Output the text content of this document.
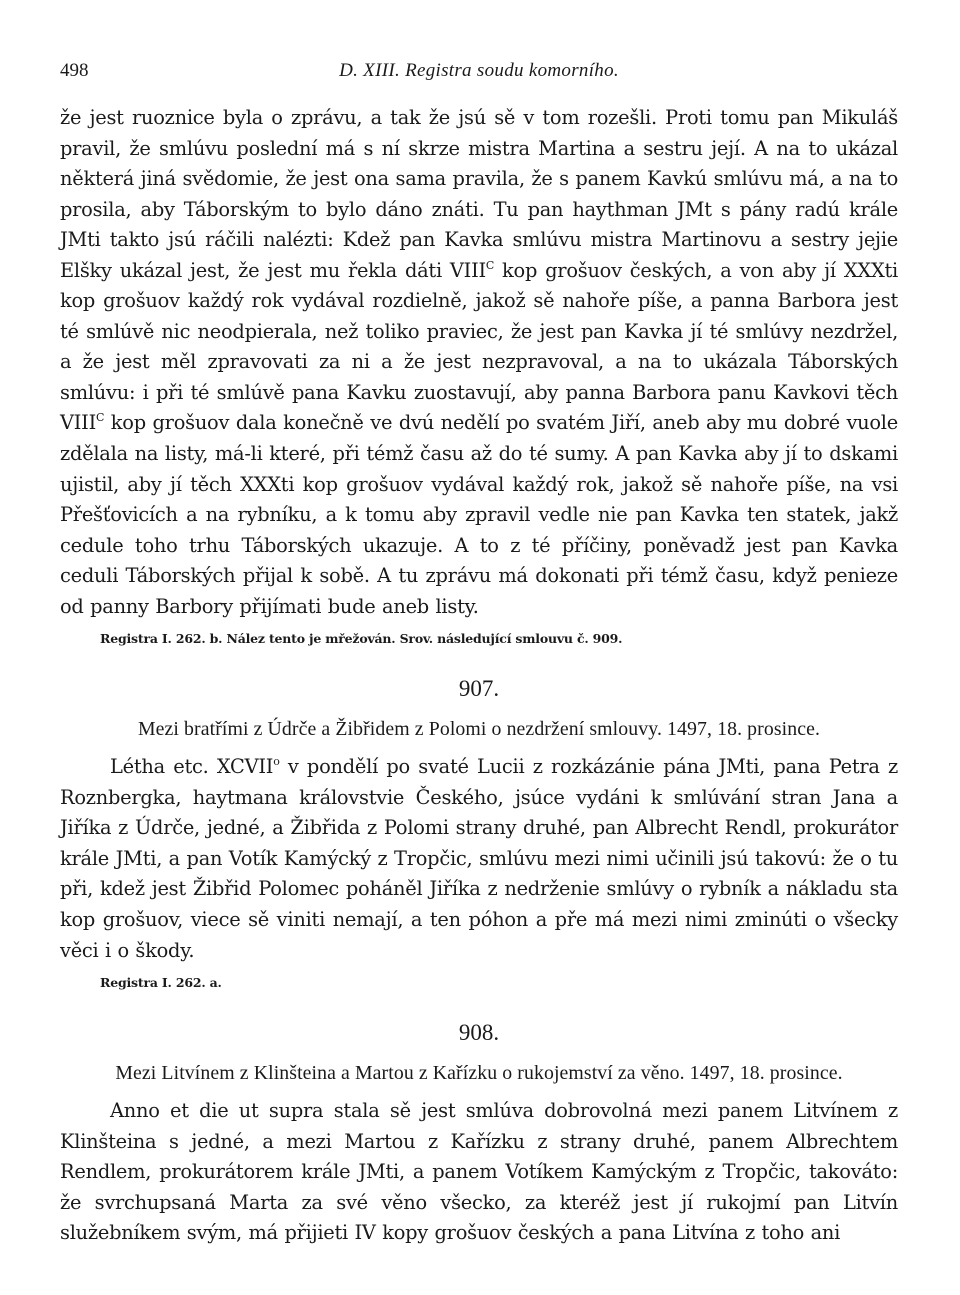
498	D. XIII. Registra soudu komorního.

že jest ruoznice byla o zprávu, a tak že jsú sě v tom rozešli. Proti tomu pan Mikuláš pravil, že smlúvu poslední má s ní skrze mistra Martina a sestru její. A na to ukázal některá jiná svědomie, že jest ona sama pravila, že s panem Kavkú smlúvu má, a na to prosila, aby Táborským to bylo dáno znáti. Tu pan haythman JMt s pány radú krále JMti takto jsú ráčili nalézti: Kdež pan Kavka smlúvu mistra Martinovu a sestry jejie Elšky ukázal jest, že jest mu řekla dáti $VIII^C$ kop grošuov českých, a von aby jí XXXti kop grošuov každý rok vydával rozdielně, jakož sě nahoře píše, a panna Barbora jest té smlúvě nic neodpierala, než toliko praviec, že jest pan Kavka jí té smlúvy nezdržel, a že jest měl zpravovati za ni a že jest nezpravoval, a na to ukázala Táborských smlúvu: i při té smlúvě pana Kavku zuostavují, aby panna Barbora panu Kavkovi těch $VIII^C$ kop grošuov dala konečně ve dvú nedělí po svatém Jiří, aneb aby mu dobré vuole zdělala na listy, má-li které, při témž času až do té sumy. A pan Kavka aby jí to dskami ujistil, aby jí těch XXXti kop grošuov vydával každý rok, jakož sě nahoře píše, na vsi Přešťovicích a na rybníku, a k tomu aby zpravil vedle nie pan Kavka ten statek, jakž cedule toho trhu Táborských ukazuje. A to z té příčiny, poněvadž jest pan Kavka ceduli Táborských přijal k sobě. A tu zprávu má dokonati při témž času, když penieze od panny Barbory přijímati bude aneb listy.

Registra I. 262. b. Nález tento je mřežován. Srov. následující smlouvu č. 909.
907.
Mezi bratřími z Údrče a Žibřidem z Polomi o nezdržení smlouvy. 1497, 18. prosince.

Létha etc. XCVII$^o$ v pondělí po svaté Lucii z rozkázánie pána JMti, pana Petra z Roznbergka, haytmana královstvie Českého, jsúce vydáni k smlúvání stran Jana a Jiříka z Údrče, jedné, a Žibřida z Polomi strany druhé, pan Albrecht Rendl, prokurátor krále JMti, a pan Votík Kamýcký z Tropčic, smlúvu mezi nimi učinili jsú takovú: že o tu při, kdež jest Žibřid Polomec poháněl Jiříka z nedrženie smlúvy o rybník a nákladu sta kop grošuov, viece sě viniti nemají, a ten póhon a pře má mezi nimi zminúti o všecky věci i o škody.

Registra I. 262. a.
908.
Mezi Litvínem z Klinšteina a Martou z Kařízku o rukojemství za věno. 1497, 18. prosince.

Anno et die ut supra stala sě jest smlúva dobrovolná mezi panem Litvínem z Klinšteina s jedné, a mezi Martou z Kařízku z strany druhé, panem Albrechtem Rendlem, prokurátorem krále JMti, a panem Votíkem Kamýckým z Tropčic, takováto: že svrchupsaná Marta za své věno všecko, za kteréž jest jí rukojmí pan Litvín služebníkem svým, má přijieti IV kopy grošuov českých a pana Litvína z toho ani
